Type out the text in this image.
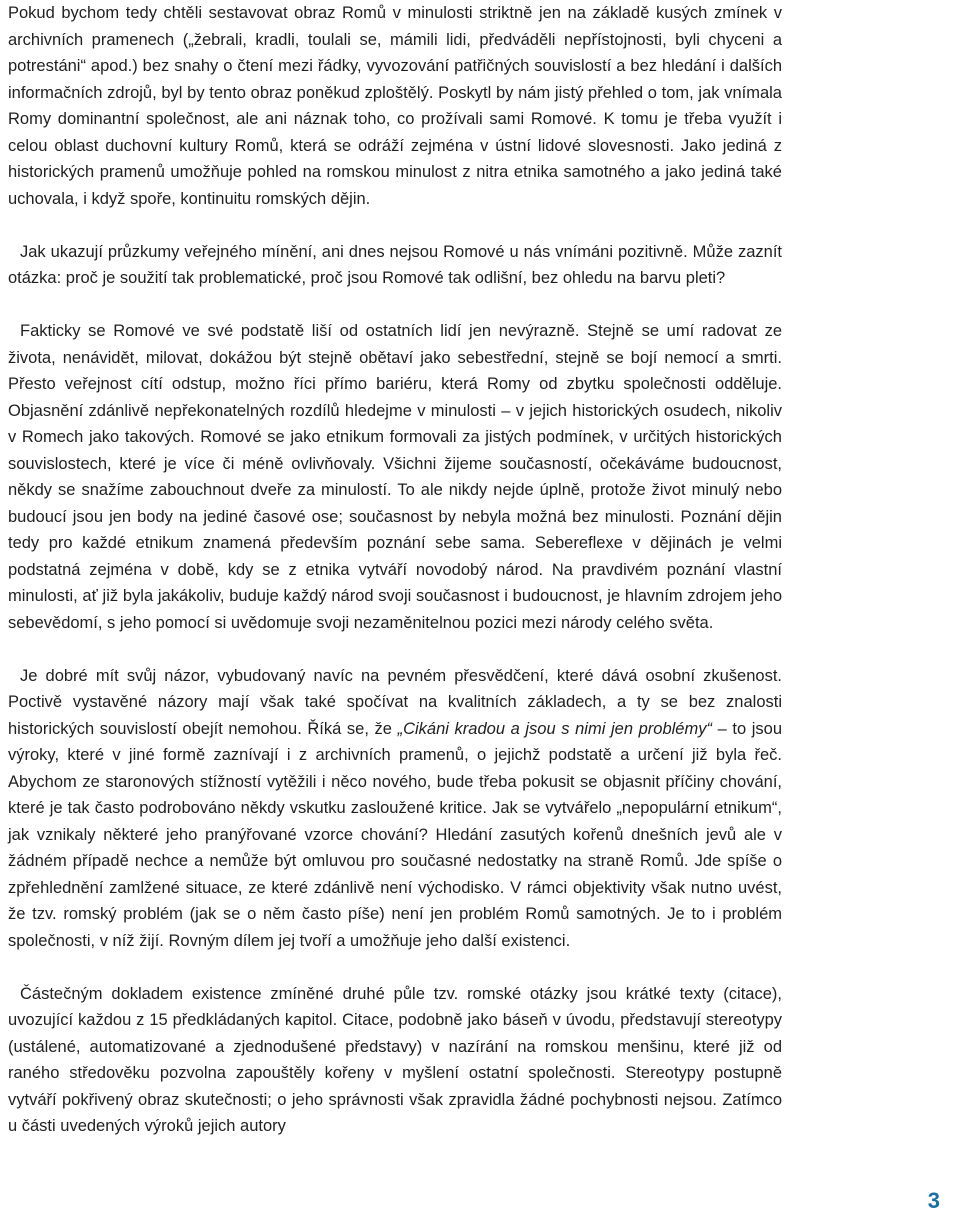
Pokud bychom tedy chtěli sestavovat obraz Romů v minulosti striktně jen na základě kusých zmínek v archivních pramenech („žebrali, kradli, toulali se, mámili lidi, předváděli nepřístojnosti, byli chyceni a potrestáni“ apod.) bez snahy o čtení mezi řádky, vyvozování patřičných souvislostí a bez hledání i dalších informačních zdrojů, byl by tento obraz poněkud zploštělý. Poskytl by nám jistý přehled o tom, jak vnímala Romy dominantní společnost, ale ani náznak toho, co prožívali sami Romové. K tomu je třeba využít i celou oblast duchovní kultury Romů, která se odráží zejména v ústní lidové slovesnosti. Jako jediná z historických pramenů umožňuje pohled na romskou minulost z nitra etnika samotného a jako jediná také uchovala, i když spoře, kontinuitu romských dějin.

Jak ukazují průzkumy veřejného mínění, ani dnes nejsou Romové u nás vnímáni pozitivně. Může zaznít otázka: proč je soužití tak problematické, proč jsou Romové tak odlišní, bez ohledu na barvu pleti?

Fakticky se Romové ve své podstatě liší od ostatních lidí jen nevýrazně. Stejně se umí radovat ze života, nenávidět, milovat, dokážou být stejně obětaví jako sebestřední, stejně se bojí nemocí a smrti. Přesto veřejnost cítí odstup, možno říci přímo bariéru, která Romy od zbytku společnosti odděluje. Objasnění zdánlivě nepřekonatelných rozdílů hledejme v minulosti – v jejich historických osudech, nikoliv v Romech jako takových. Romové se jako etnikum formovali za jistých podmínek, v určitých historických souvislostech, které je více či méně ovlivňovaly. Všichni žijeme současností, očekáváme budoucnost, někdy se snažíme zabouchnout dveře za minulostí. To ale nikdy nejde úplně, protože život minulý nebo budoucí jsou jen body na jediné časové ose; současnost by nebyla možná bez minulosti. Poznání dějin tedy pro každé etnikum znamená především poznání sebe sama. Sebereflexe v dějinách je velmi podstatná zejména v době, kdy se z etnika vytváří novodobý národ. Na pravdivém poznání vlastní minulosti, ať již byla jakákoliv, buduje každý národ svoji současnost i budoucnost, je hlavním zdrojem jeho sebevědomí, s jeho pomocí si uvědomuje svoji nezaměnitelnou pozici mezi národy celého světa.

Je dobré mít svůj názor, vybudovaný navíc na pevném přesvědčení, které dává osobní zkušenost. Poctivě vystavěné názory mají však také spočívat na kvalitních základech, a ty se bez znalosti historických souvislostí obejít nemohou. Říká se, že „Cikáni kradou a jsou s nimi jen problémy“ – to jsou výroky, které v jiné formě zaznívají i z archivních pramenů, o jejichž podstatě a určení již byla řeč. Abychom ze staronových stížností vytěžili i něco nového, bude třeba pokusit se objasnit příčiny chování, které je tak často podrobováno někdy vskutku zasloužené kritice. Jak se vytvářelo „nepopulární etnikum“, jak vznikaly některé jeho pranýřované vzorce chování? Hledání zasutých kořenů dnešních jevů ale v žádném případě nechce a nemůže být omluvou pro současné nedostatky na straně Romů. Jde spíše o zpřehlednění zamlžené situace, ze které zdánlivě není východisko. V rámci objektivity však nutno uvést, že tzv. romský problém (jak se o něm často píše) není jen problém Romů samotných. Je to i problém společnosti, v níž žijí. Rovným dílem jej tvoří a umožňuje jeho další existenci.

Částečným dokladem existence zmíněné druhé půle tzv. romské otázky jsou krátké texty (citace), uvozující každou z 15 předkládaných kapitol. Citace, podobně jako báseň v úvodu, představují stereotypy (ustálené, automatizované a zjednodušené představy) v nazírání na romskou menšinu, které již od raného středověku pozvolna zapouštěly kořeny v myšlení ostatní společnosti. Stereotypy postupně vytváří pokřivený obraz skutečnosti; o jeho správnosti však zpravidla žádné pochybnosti nejsou. Zatímco u části uvedených výroků jejich autory

3
